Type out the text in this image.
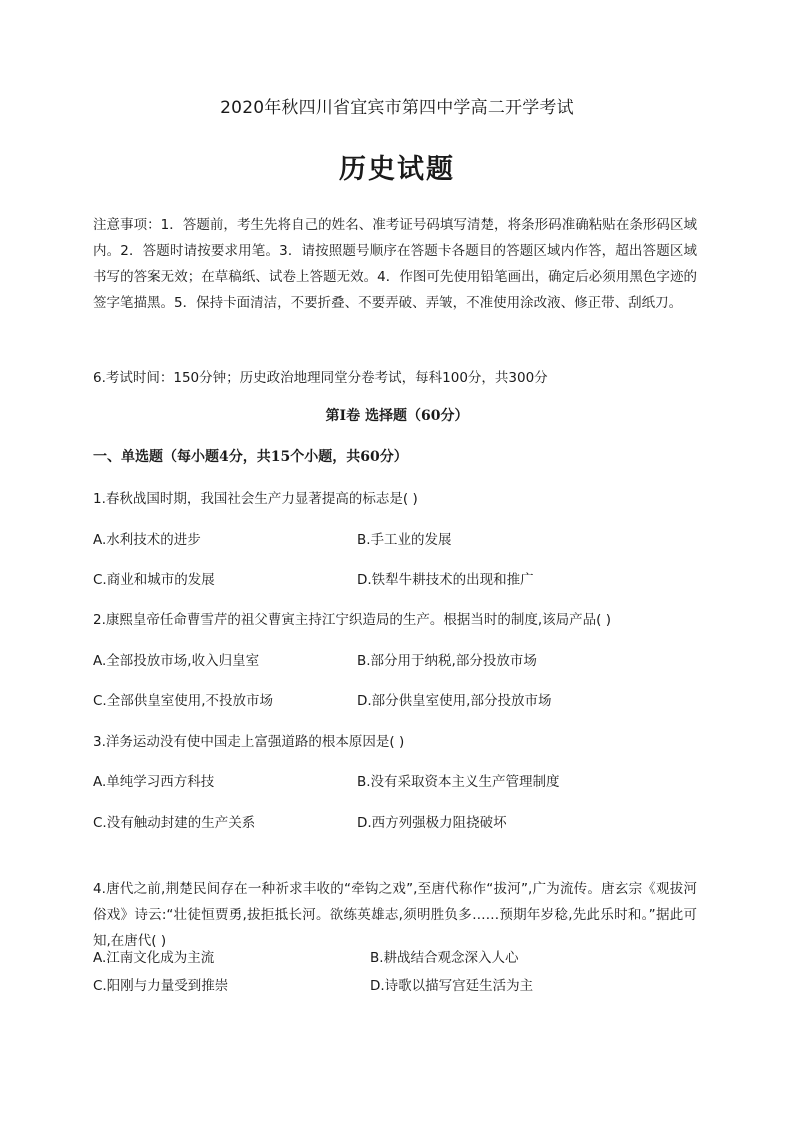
2020年秋四川省宜宾市第四中学高二开学考试
历史试题
注意事项：1．答题前，考生先将自己的姓名、准考证号码填写清楚，将条形码准确粘贴在条形码区域内。2．答题时请按要求用笔。3．请按照题号顺序在答题卡各题目的答题区域内作答，超出答题区域书写的答案无效；在草稿纸、试卷上答题无效。4．作图可先使用铅笔画出，确定后必须用黑色字迹的签字笔描黑。5．保持卡面清洁，不要折叠、不要弄破、弄皱，不准使用涂改液、修正带、刮纸刀。
6.考试时间：150分钟；历史政治地理同堂分卷考试，每科100分，共300分
第I卷 选择题（60分）
一、单选题（每小题4分，共15个小题，共60分）
1.春秋战国时期，我国社会生产力显著提高的标志是( )
A.水利技术的进步	B.手工业的发展
C.商业和城市的发展	D.铁犁牛耕技术的出现和推广
2.康熙皇帝任命曹雪芹的祖父曹寅主持江宁织造局的生产。根据当时的制度,该局产品( )
A.全部投放市场,收入归皇室	B.部分用于纳税,部分投放市场
C.全部供皇室使用,不投放市场	D.部分供皇室使用,部分投放市场
3.洋务运动没有使中国走上富强道路的根本原因是( )
A.单纯学习西方科技	B.没有采取资本主义生产管理制度
C.没有触动封建的生产关系	D.西方列强极力阻挠破坏
4.唐代之前,荆楚民间存在一种祈求丰收的“牵钩之戏”,至唐代称作“拔河”,广为流传。唐玄宗《观拔河俗戏》诗云:“壮徒恒贾勇,拔拒抵长河。欲练英雄志,须明胜负多……预期年岁稔,先此乐时和。”据此可知,在唐代( )
A.江南文化成为主流	B.耕战结合观念深入人心
C.阳刚与力量受到推崇	D.诗歌以描写宫廷生活为主
